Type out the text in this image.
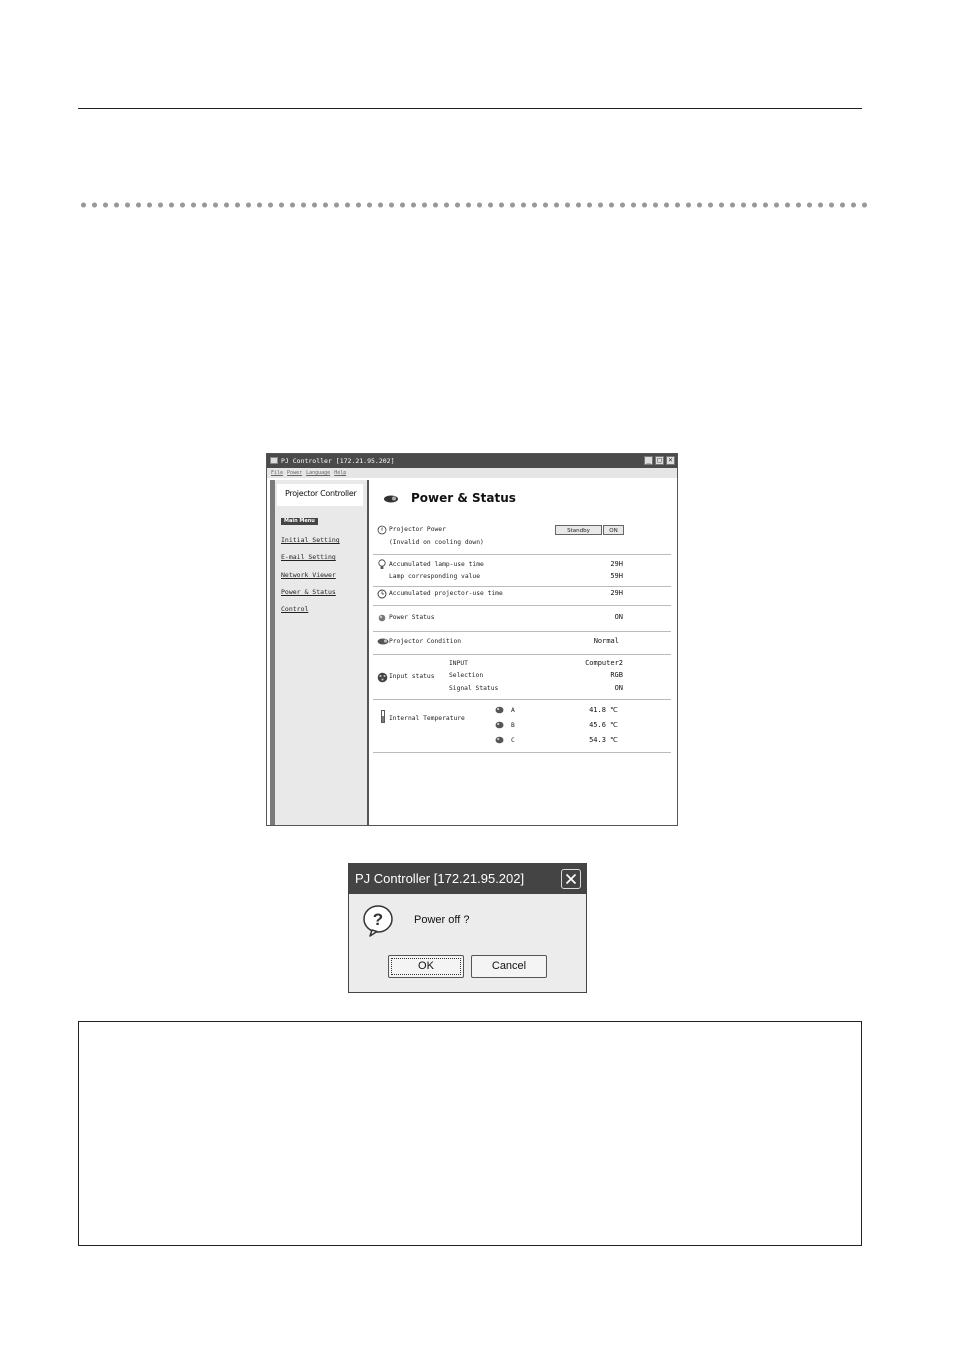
PJ Controller [172.21.95.202]	_ □ ×
File Power Language Help
Projector Controller
Main Menu
Initial Setting
E-mail Setting
Network Viewer
Power & Status
Control
Power & Status
Projector Power
(Invalid on cooling down)
Standby	ON
Accumulated lamp-use time	29H
Lamp corresponding value	59H
Accumulated projector-use time	29H
Power Status	ON
Projector Condition	Normal
Input status
INPUT	Computer2
Selection	RGB
Signal Status	ON
Internal Temperature
A	41.8 ℃
B	45.6 ℃
C	54.3 ℃
PJ Controller [172.21.95.202]
?	Power off ?
OK	Cancel
